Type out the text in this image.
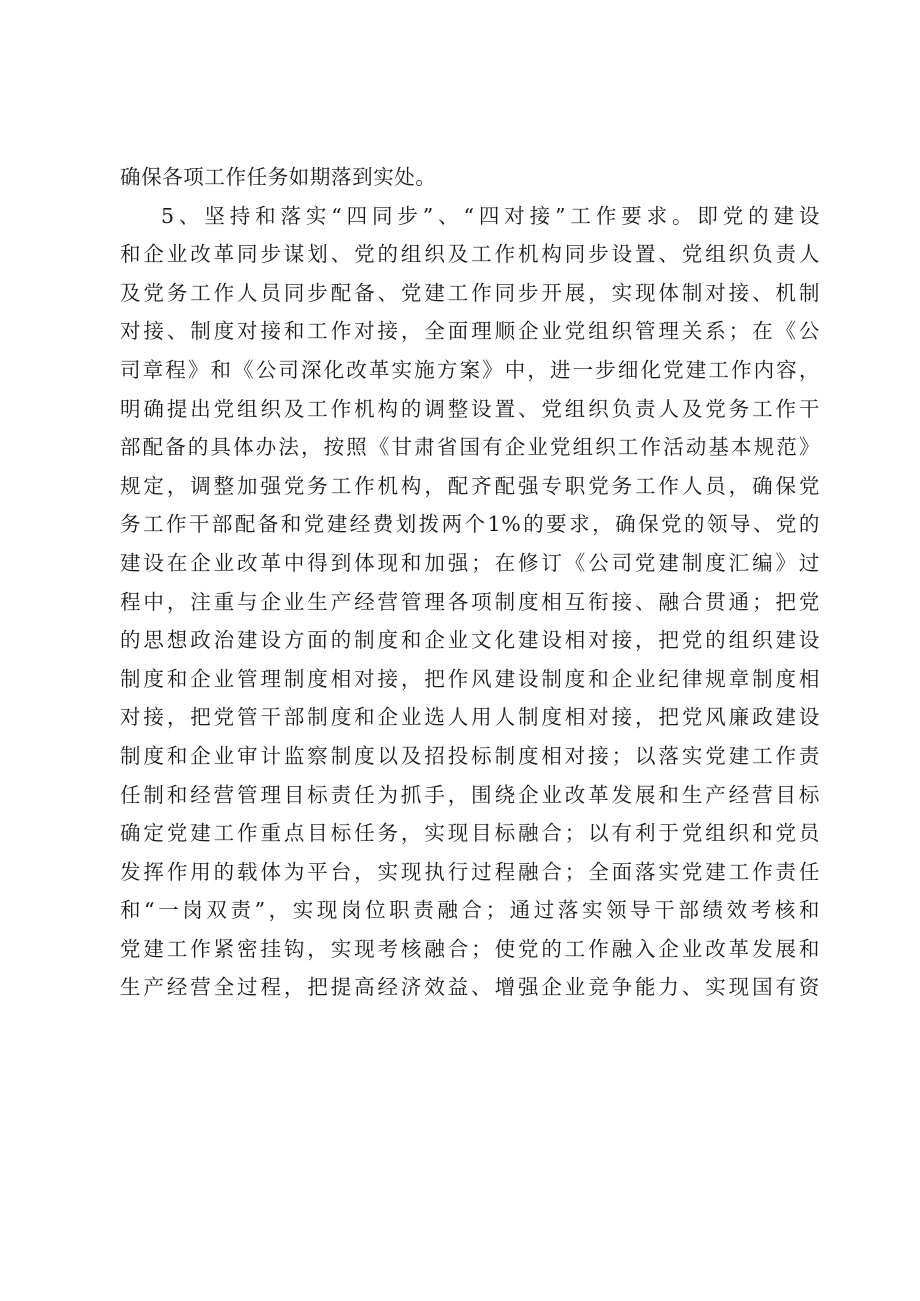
确保各项工作任务如期落到实处。
5、坚持和落实“四同步”、“四对接”工作要求。即党的建设
和企业改革同步谋划、党的组织及工作机构同步设置、党组织负责人
及党务工作人员同步配备、党建工作同步开展，实现体制对接、机制
对接、制度对接和工作对接，全面理顺企业党组织管理关系；在《公
司章程》和《公司深化改革实施方案》中，进一步细化党建工作内容，
明确提出党组织及工作机构的调整设置、党组织负责人及党务工作干
部配备的具体办法，按照《甘肃省国有企业党组织工作活动基本规范》
规定，调整加强党务工作机构，配齐配强专职党务工作人员，确保党
务工作干部配备和党建经费划拨两个1%的要求，确保党的领导、党的
建设在企业改革中得到体现和加强；在修订《公司党建制度汇编》过
程中，注重与企业生产经营管理各项制度相互衔接、融合贯通；把党
的思想政治建设方面的制度和企业文化建设相对接，把党的组织建设
制度和企业管理制度相对接，把作风建设制度和企业纪律规章制度相
对接，把党管干部制度和企业选人用人制度相对接，把党风廉政建设
制度和企业审计监察制度以及招投标制度相对接；以落实党建工作责
任制和经营管理目标责任为抓手，围绕企业改革发展和生产经营目标
确定党建工作重点目标任务，实现目标融合；以有利于党组织和党员
发挥作用的载体为平台，实现执行过程融合；全面落实党建工作责任
和“一岗双责”，实现岗位职责融合；通过落实领导干部绩效考核和
党建工作紧密挂钩，实现考核融合；使党的工作融入企业改革发展和
生产经营全过程，把提高经济效益、增强企业竞争能力、实现国有资
